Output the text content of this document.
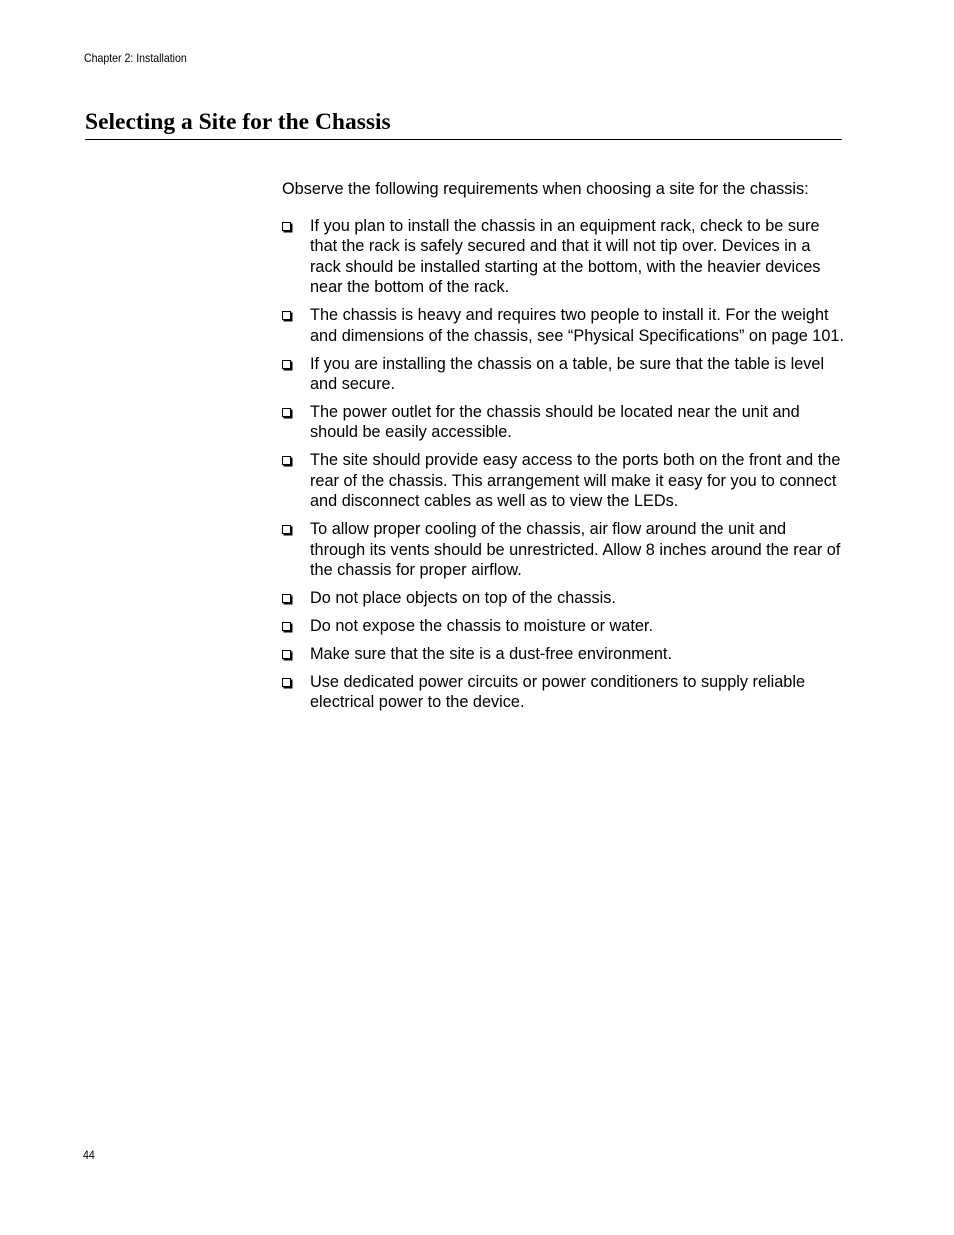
Chapter 2: Installation
Selecting a Site for the Chassis

Observe the following requirements when choosing a site for the chassis:

If you plan to install the chassis in an equipment rack, check to be sure that the rack is safely secured and that it will not tip over. Devices in a rack should be installed starting at the bottom, with the heavier devices near the bottom of the rack.
The chassis is heavy and requires two people to install it. For the weight and dimensions of the chassis, see “Physical Specifications” on page 101.
If you are installing the chassis on a table, be sure that the table is level and secure.
The power outlet for the chassis should be located near the unit and should be easily accessible.
The site should provide easy access to the ports both on the front and the rear of the chassis. This arrangement will make it easy for you to connect and disconnect cables as well as to view the LEDs.
To allow proper cooling of the chassis, air flow around the unit and through its vents should be unrestricted. Allow 8 inches around the rear of the chassis for proper airflow.
Do not place objects on top of the chassis.
Do not expose the chassis to moisture or water.
Make sure that the site is a dust-free environment.
Use dedicated power circuits or power conditioners to supply reliable electrical power to the device.
44
